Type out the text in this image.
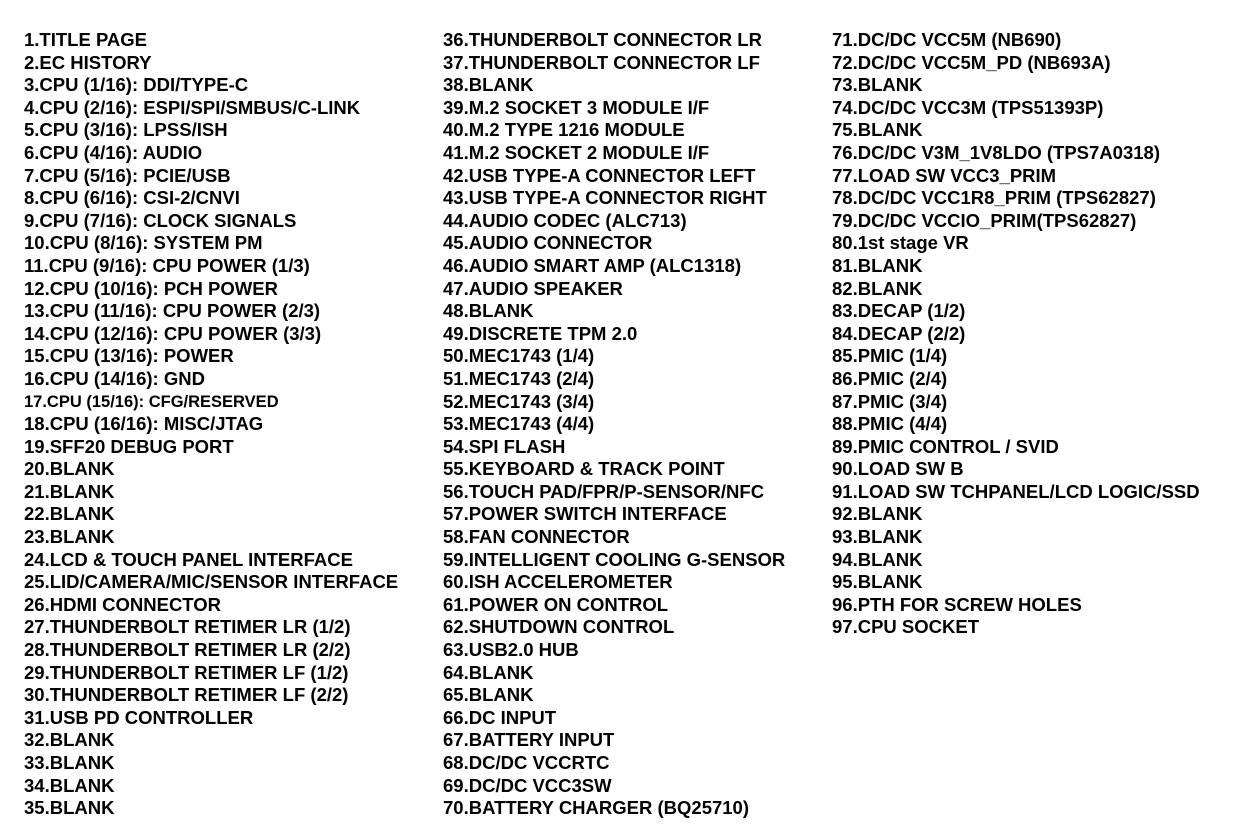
1.TITLE PAGE
2.EC HISTORY
3.CPU (1/16): DDI/TYPE-C
4.CPU (2/16): ESPI/SPI/SMBUS/C-LINK
5.CPU (3/16): LPSS/ISH
6.CPU (4/16): AUDIO
7.CPU (5/16): PCIE/USB
8.CPU (6/16): CSI-2/CNVI
9.CPU (7/16): CLOCK SIGNALS
10.CPU (8/16): SYSTEM PM
11.CPU (9/16): CPU POWER (1/3)
12.CPU (10/16): PCH POWER
13.CPU (11/16): CPU POWER (2/3)
14.CPU (12/16): CPU POWER (3/3)
15.CPU (13/16): POWER
16.CPU (14/16): GND
17.CPU (15/16): CFG/RESERVED
18.CPU (16/16): MISC/JTAG
19.SFF20 DEBUG PORT
20.BLANK
21.BLANK
22.BLANK
23.BLANK
24.LCD & TOUCH PANEL INTERFACE
25.LID/CAMERA/MIC/SENSOR INTERFACE
26.HDMI CONNECTOR
27.THUNDERBOLT RETIMER LR (1/2)
28.THUNDERBOLT RETIMER LR (2/2)
29.THUNDERBOLT RETIMER LF (1/2)
30.THUNDERBOLT RETIMER LF (2/2)
31.USB PD CONTROLLER
32.BLANK
33.BLANK
34.BLANK
35.BLANK
36.THUNDERBOLT CONNECTOR LR
37.THUNDERBOLT CONNECTOR LF
38.BLANK
39.M.2 SOCKET 3 MODULE I/F
40.M.2 TYPE 1216 MODULE
41.M.2 SOCKET 2 MODULE I/F
42.USB TYPE-A CONNECTOR LEFT
43.USB TYPE-A CONNECTOR RIGHT
44.AUDIO CODEC (ALC713)
45.AUDIO CONNECTOR
46.AUDIO SMART AMP (ALC1318)
47.AUDIO SPEAKER
48.BLANK
49.DISCRETE TPM 2.0
50.MEC1743 (1/4)
51.MEC1743 (2/4)
52.MEC1743 (3/4)
53.MEC1743 (4/4)
54.SPI FLASH
55.KEYBOARD & TRACK POINT
56.TOUCH PAD/FPR/P-SENSOR/NFC
57.POWER SWITCH INTERFACE
58.FAN CONNECTOR
59.INTELLIGENT COOLING G-SENSOR
60.ISH ACCELEROMETER
61.POWER ON CONTROL
62.SHUTDOWN CONTROL
63.USB2.0 HUB
64.BLANK
65.BLANK
66.DC INPUT
67.BATTERY INPUT
68.DC/DC VCCRTC
69.DC/DC VCC3SW
70.BATTERY CHARGER (BQ25710)
71.DC/DC VCC5M (NB690)
72.DC/DC VCC5M_PD (NB693A)
73.BLANK
74.DC/DC VCC3M (TPS51393P)
75.BLANK
76.DC/DC V3M_1V8LDO (TPS7A0318)
77.LOAD SW VCC3_PRIM
78.DC/DC VCC1R8_PRIM (TPS62827)
79.DC/DC VCCIO_PRIM(TPS62827)
80.1st stage VR
81.BLANK
82.BLANK
83.DECAP (1/2)
84.DECAP (2/2)
85.PMIC (1/4)
86.PMIC (2/4)
87.PMIC (3/4)
88.PMIC (4/4)
89.PMIC CONTROL / SVID
90.LOAD SW B
91.LOAD SW TCHPANEL/LCD LOGIC/SSD
92.BLANK
93.BLANK
94.BLANK
95.BLANK
96.PTH FOR SCREW HOLES
97.CPU SOCKET
